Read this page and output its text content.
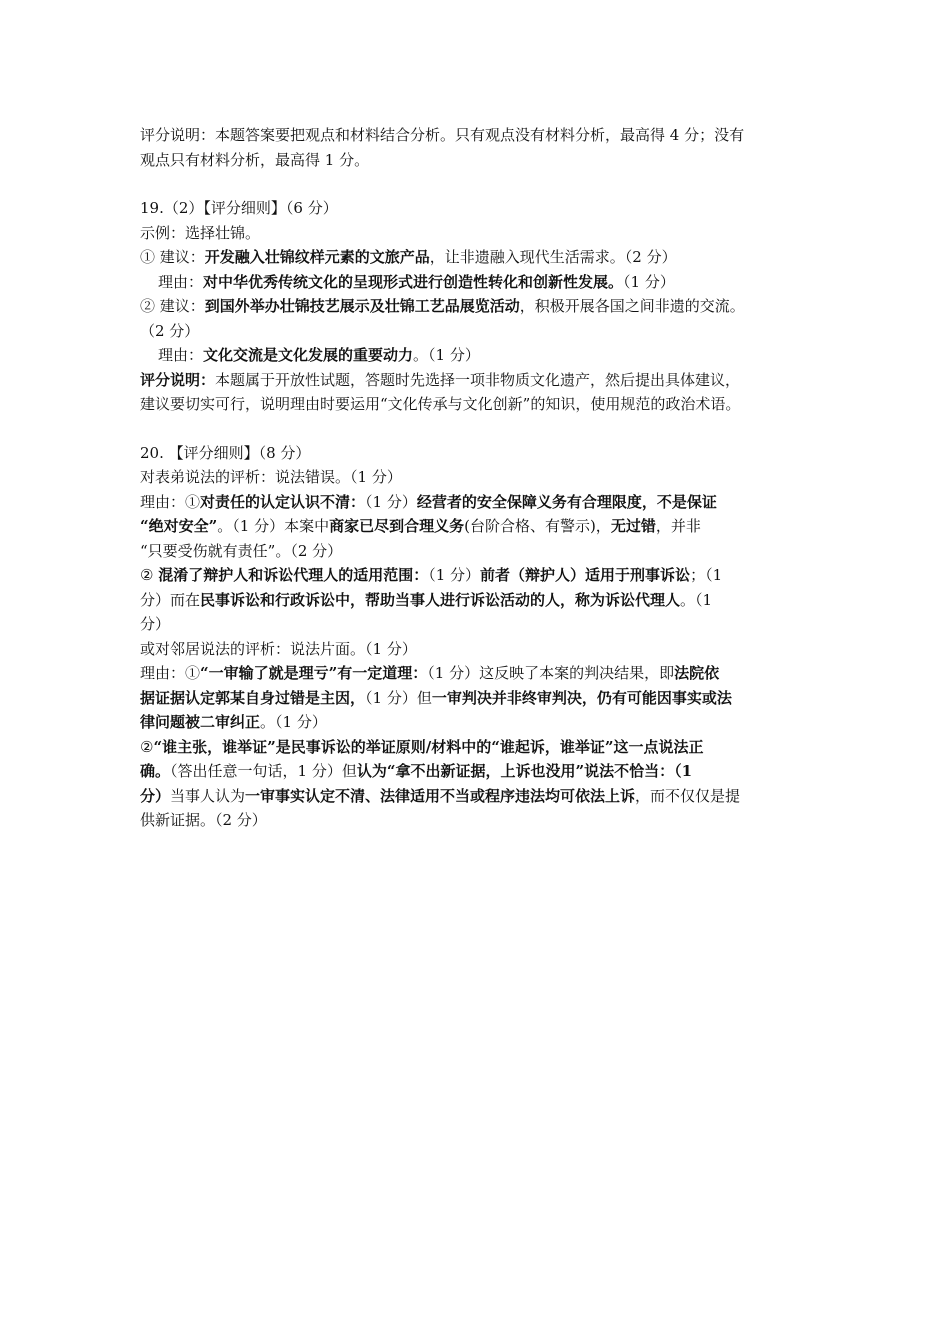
评分说明：本题答案要把观点和材料结合分析。只有观点没有材料分析，最高得 4 分；没有
观点只有材料分析，最高得 1 分。

19.（2）【评分细则】（6 分）

示例：选择壮锦。

① 建议：开发融入壮锦纹样元素的文旅产品，让非遗融入现代生活需求。（2 分）

理由：对中华优秀传统文化的呈现形式进行创造性转化和创新性发展。（1 分）

② 建议：到国外举办壮锦技艺展示及壮锦工艺品展览活动，积极开展各国之间非遗的交流。
（2 分）

理由：文化交流是文化发展的重要动力。（1 分）

评分说明：本题属于开放性试题，答题时先选择一项非物质文化遗产，然后提出具体建议，
建议要切实可行，说明理由时要运用“文化传承与文化创新”的知识，使用规范的政治术语。

20. 【评分细则】（8 分）

对表弟说法的评析：说法错误。（1 分）

理由：①对责任的认定认识不清：（1 分）经营者的安全保障义务有合理限度，不是保证
“绝对安全”。（1 分）本案中商家已尽到合理义务(台阶合格、有警示)，无过错，并非
“只要受伤就有责任”。（2 分）

② 混淆了辩护人和诉讼代理人的适用范围：（1 分）前者（辩护人）适用于刑事诉讼；（1
分）而在民事诉讼和行政诉讼中，帮助当事人进行诉讼活动的人，称为诉讼代理人。（1
分）

或对邻居说法的评析：说法片面。（1 分）

理由：①“一审输了就是理亏”有一定道理：（1 分）这反映了本案的判决结果，即法院依
据证据认定郭某自身过错是主因，（1 分）但一审判决并非终审判决，仍有可能因事实或法
律问题被二审纠正。（1 分）

②“谁主张，谁举证”是民事诉讼的举证原则/材料中的“谁起诉，谁举证”这一点说法正
确。（答出任意一句话，1 分）但认为“拿不出新证据，上诉也没用”说法不恰当：（1
分）当事人认为一审事实认定不清、法律适用不当或程序违法均可依法上诉，而不仅仅是提
供新证据。（2 分）
